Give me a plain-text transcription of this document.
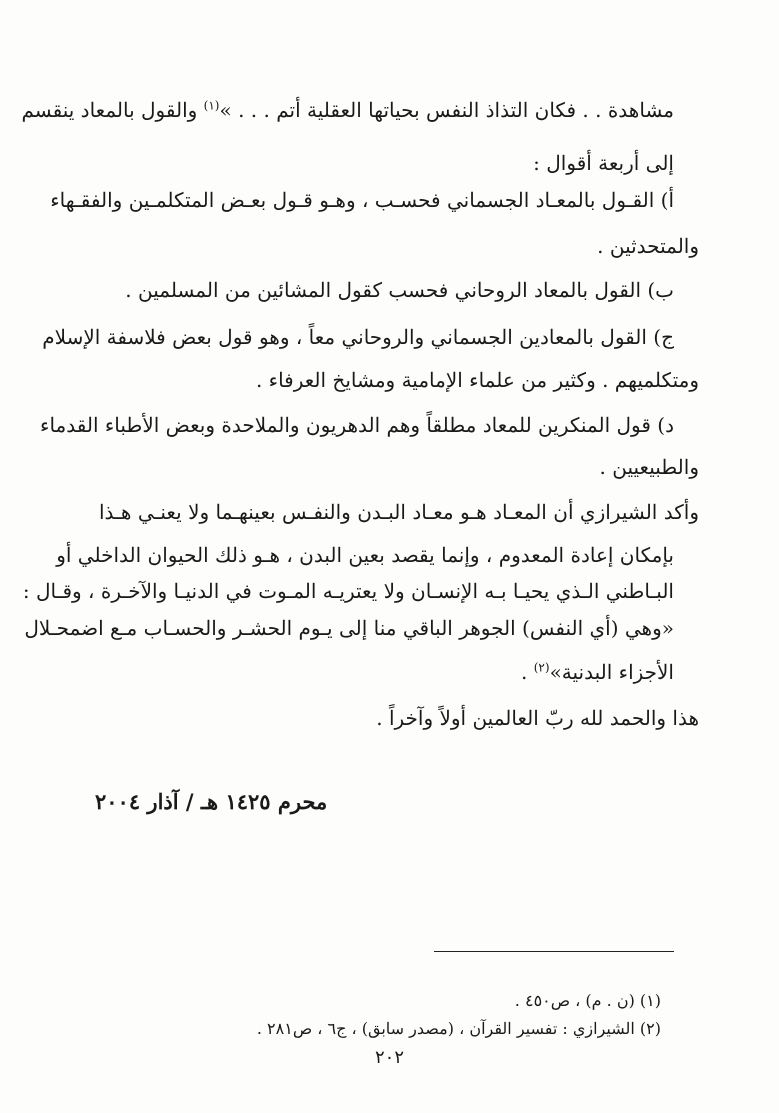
مشاهدة . . فكان التذاذ النفس بحياتها العقلية أتم . . . »$^{(١)}$ والقول بالمعاد ينقسم
إلى أربعة أقوال :
أ) القـول بالمعـاد الجسماني فحسـب ، وهـو قـول بعـض المتكلمـين والفقـهاء
والمتحدثين .
ب) القول بالمعاد الروحاني فحسب كقول المشائين من المسلمين .
ج) القول بالمعادين الجسماني والروحاني معاً ، وهو قول بعض فلاسفة الإسلام
ومتكلميهم . وكثير من علماء الإمامية ومشايخ العرفاء .
د) قول المنكرين للمعاد مطلقاً وهم الدهريون والملاحدة وبعض الأطباء القدماء
والطبيعيين .
وأكد الشيرازي أن المعـاد هـو معـاد البـدن والنفـس بعينهـما ولا يعنـي هـذا
بإمكان إعادة المعدوم ، وإنما يقصد بعين البدن ، هـو ذلك الحيوان الداخلي أو
البـاطني الـذي يحيـا بـه الإنسـان ولا يعتريـه المـوت في الدنيـا والآخـرة ، وقـال :
«وهي (أي النفس) الجوهر الباقي منا إلى يـوم الحشـر والحسـاب مـع اضمحـلال
الأجزاء البدنية»$^{(٢)}$ .
هذا والحمد لله ربّ العالمين أولاً وآخراً .
محرم ١٤٢٥ هـ / آذار ٢٠٠٤
(١) (ن . م) ، ص٤٥٠ .
(٢) الشيرازي : تفسير القرآن ، (مصدر سابق) ، ج٦ ، ص٢٨١ .
٢٠٢
